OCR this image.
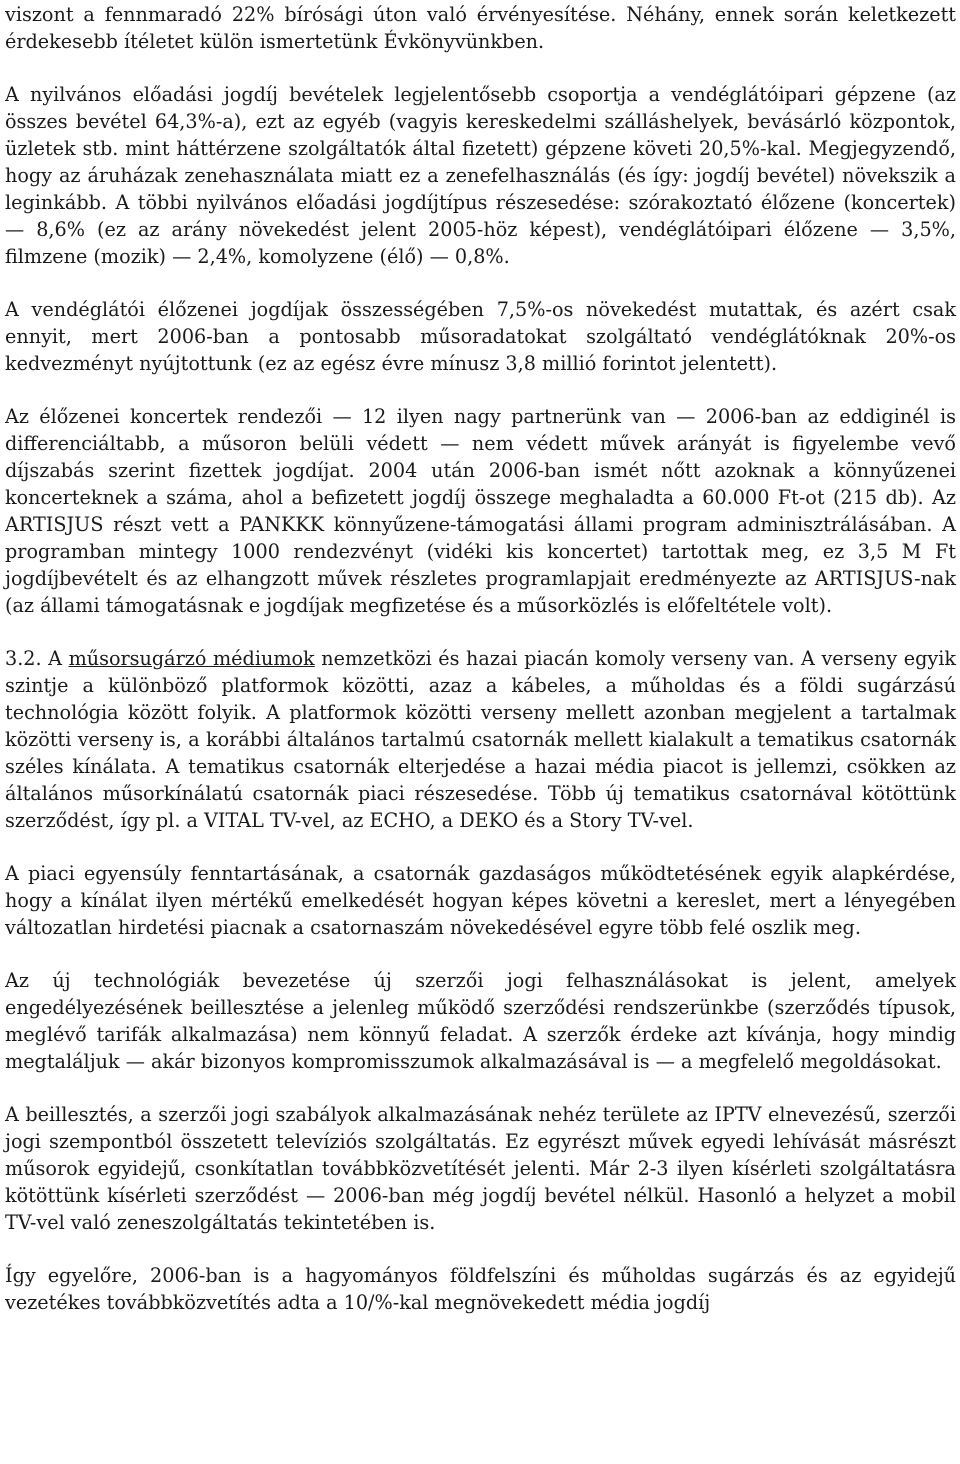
viszont a fennmaradó 22% bírósági úton való érvényesítése. Néhány, ennek során keletkezett érdekesebb ítéletet külön ismertetünk Évkönyvünkben.

A nyilvános előadási jogdíj bevételek legjelentősebb csoportja a vendéglátóipari gépzene (az összes bevétel 64,3%-a), ezt az egyéb (vagyis kereskedelmi szálláshelyek, bevásárló központok, üzletek stb. mint háttérzene szolgáltatók által fizetett) gépzene követi 20,5%-kal. Megjegyzendő, hogy az áruházak zenehasználata miatt ez a zenefelhasználás (és így: jogdíj bevétel) növekszik a leginkább. A többi nyilvános előadási jogdíjtípus részesedése: szórakoztató élőzene (koncertek) — 8,6% (ez az arány növekedést jelent 2005-höz képest), vendéglátóipari élőzene — 3,5%, filmzene (mozik) — 2,4%, komolyzene (élő) — 0,8%.

A vendéglátói élőzenei jogdíjak összességében 7,5%-os növekedést mutattak, és azért csak ennyit, mert 2006-ban a pontosabb műsoradatokat szolgáltató vendéglátóknak 20%-os kedvezményt nyújtottunk (ez az egész évre mínusz 3,8 millió forintot jelentett).

Az élőzenei koncertek rendezői — 12 ilyen nagy partnerünk van — 2006-ban az eddiginél is differenciáltabb, a műsoron belüli védett — nem védett művek arányát is figyelembe vevő díjszabás szerint fizettek jogdíjat. 2004 után 2006-ban ismét nőtt azoknak a könnyűzenei koncerteknek a száma, ahol a befizetett jogdíj összege meghaladta a 60.000 Ft-ot (215 db). Az ARTISJUS részt vett a PANKKK könnyűzene-támogatási állami program adminisztrálásában. A programban mintegy 1000 rendezvényt (vidéki kis koncertet) tartottak meg, ez 3,5 M Ft jogdíjbevételt és az elhangzott művek részletes programlapjait eredményezte az ARTISJUS-nak (az állami támogatásnak e jogdíjak megfizetése és a műsorközlés is előfeltétele volt).

3.2. A műsorsugárzó médiumok nemzetközi és hazai piacán komoly verseny van. A verseny egyik szintje a különböző platformok közötti, azaz a kábeles, a műholdas és a földi sugárzású technológia között folyik. A platformok közötti verseny mellett azonban megjelent a tartalmak közötti verseny is, a korábbi általános tartalmú csatornák mellett kialakult a tematikus csatornák széles kínálata. A tematikus csatornák elterjedése a hazai média piacot is jellemzi, csökken az általános műsorkínálatú csatornák piaci részesedése. Több új tematikus csatornával kötöttünk szerződést, így pl. a VITAL TV-vel, az ECHO, a DEKO és a Story TV-vel.

A piaci egyensúly fenntartásának, a csatornák gazdaságos működtetésének egyik alapkérdése, hogy a kínálat ilyen mértékű emelkedését hogyan képes követni a kereslet, mert a lényegében változatlan hirdetési piacnak a csatornaszám növekedésével egyre több felé oszlik meg.

Az új technológiák bevezetése új szerzői jogi felhasználásokat is jelent, amelyek engedélyezésének beillesztése a jelenleg működő szerződési rendszerünkbe (szerződés típusok, meglévő tarifák alkalmazása) nem könnyű feladat. A szerzők érdeke azt kívánja, hogy mindig megtaláljuk — akár bizonyos kompromisszumok alkalmazásával is — a megfelelő megoldásokat.

A beillesztés, a szerzői jogi szabályok alkalmazásának nehéz területe az IPTV elnevezésű, szerzői jogi szempontból összetett televíziós szolgáltatás. Ez egyrészt művek egyedi lehívását másrészt műsorok egyidejű, csonkítatlan továbbközvetítését jelenti. Már 2-3 ilyen kísérleti szolgáltatásra kötöttünk kísérleti szerződést — 2006-ban még jogdíj bevétel nélkül. Hasonló a helyzet a mobil TV-vel való zeneszolgáltatás tekintetében is.

Így egyelőre, 2006-ban is a hagyományos földfelszíni és műholdas sugárzás és az egyidejű vezetékes továbbközvetítés adta a 10/%-kal megnövekedett média jogdíj
